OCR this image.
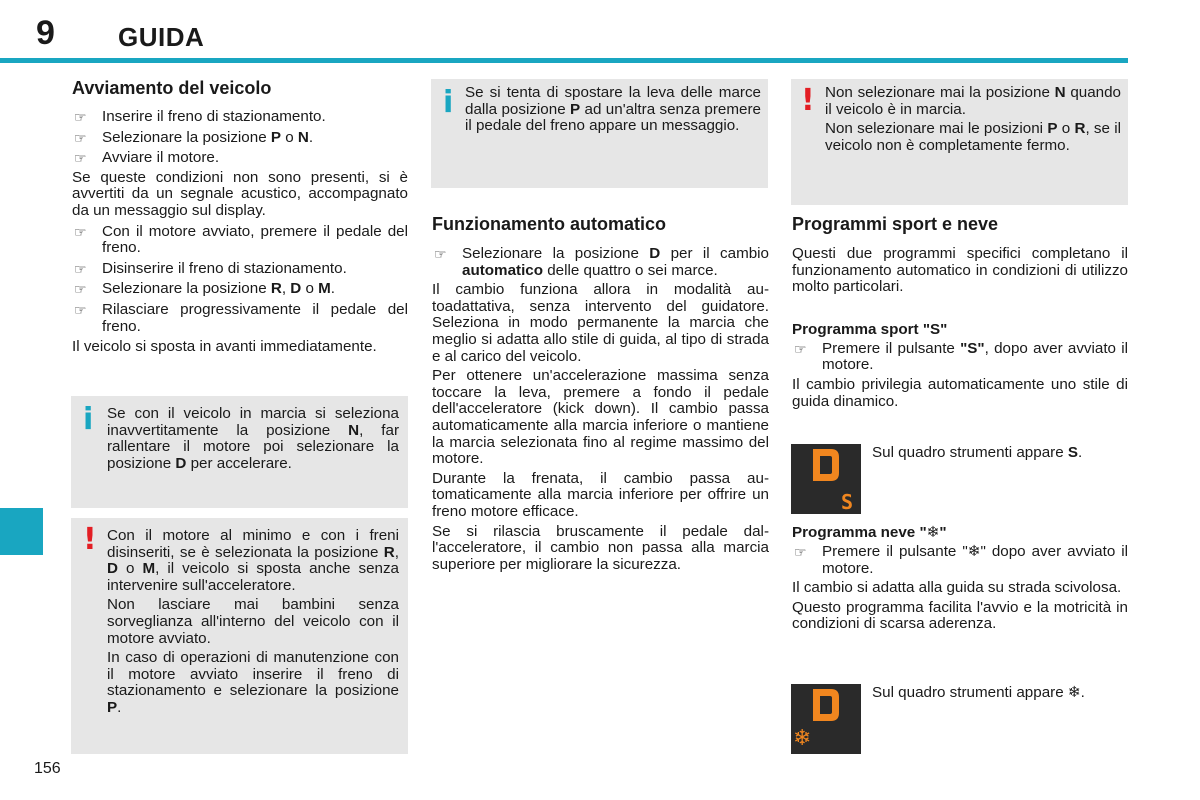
9 GUIDA
156
Avviamento del veicolo
☞ Inserire il freno di stazionamento.
☞ Selezionare la posizione P o N.
☞ Avviare il motore.

Se queste condizioni non sono presenti, si è avvertiti da un segnale acustico, accompagnato da un messaggio sul display.

☞ Con il motore avviato, premere il pedale del freno.
☞ Disinserire il freno di stazionamento.
☞ Selezionare la posizione R, D o M.
☞ Rilasciare progressivamente il pedale del freno.

Il veicolo si sposta in avanti immediatamente.

i Se con il veicolo in marcia si seleziona inavvertitamente la posizione N, far rallentare il motore poi selezionare la posizione D per accelerare.

! Con il motore al minimo e con i freni disinseriti, se è selezionata la posizione R, D o M, il veicolo si sposta anche senza intervenire sull'acceleratore.

Non lasciare mai bambini senza sorveglianza all'interno del veicolo con il motore avviato.

In caso di operazioni di manutenzione con il motore avviato inserire il freno di stazionamento e selezionare la posizione P.

i Se si tenta di spostare la leva delle marce dalla posizione P ad un'altra senza premere il pedale del freno appare un messaggio.

Funzionamento automatico
☞ Selezionare la posizione D per il cambio automatico delle quattro o sei marce.

Il cambio funziona allora in modalità autoadattativa, senza intervento del guidatore. Seleziona in modo permanente la marcia che meglio si adatta allo stile di guida, al tipo di strada e al carico del veicolo.

Per ottenere un'accelerazione massima senza toccare la leva, premere a fondo il pedale dell'acceleratore (kick down). Il cambio passa automaticamente alla marcia inferiore o mantiene la marcia selezionata fino al regime massimo del motore.

Durante la frenata, il cambio passa automaticamente alla marcia inferiore per offrire un freno motore efficace.

Se si rilascia bruscamente il pedale dall'acceleratore, il cambio non passa alla marcia superiore per migliorare la sicurezza.

! Non selezionare mai la posizione N quando il veicolo è in marcia.

Non selezionare mai le posizioni P o R, se il veicolo non è completamente fermo.

Programmi sport e neve

Questi due programmi specifici completano il funzionamento automatico in condizioni di utilizzo molto particolari.

Programma sport "S"
☞ Premere il pulsante "S", dopo aver avviato il motore.

Il cambio privilegia automaticamente uno stile di guida dinamico.

S
Sul quadro strumenti appare S.
Programma neve "❄"
☞ Premere il pulsante "❄" dopo aver avviato il motore.

Il cambio si adatta alla guida su strada scivolosa.

Questo programma facilita l'avvio e la motricità in condizioni di scarsa aderenza.

❄
Sul quadro strumenti appare ❄.
